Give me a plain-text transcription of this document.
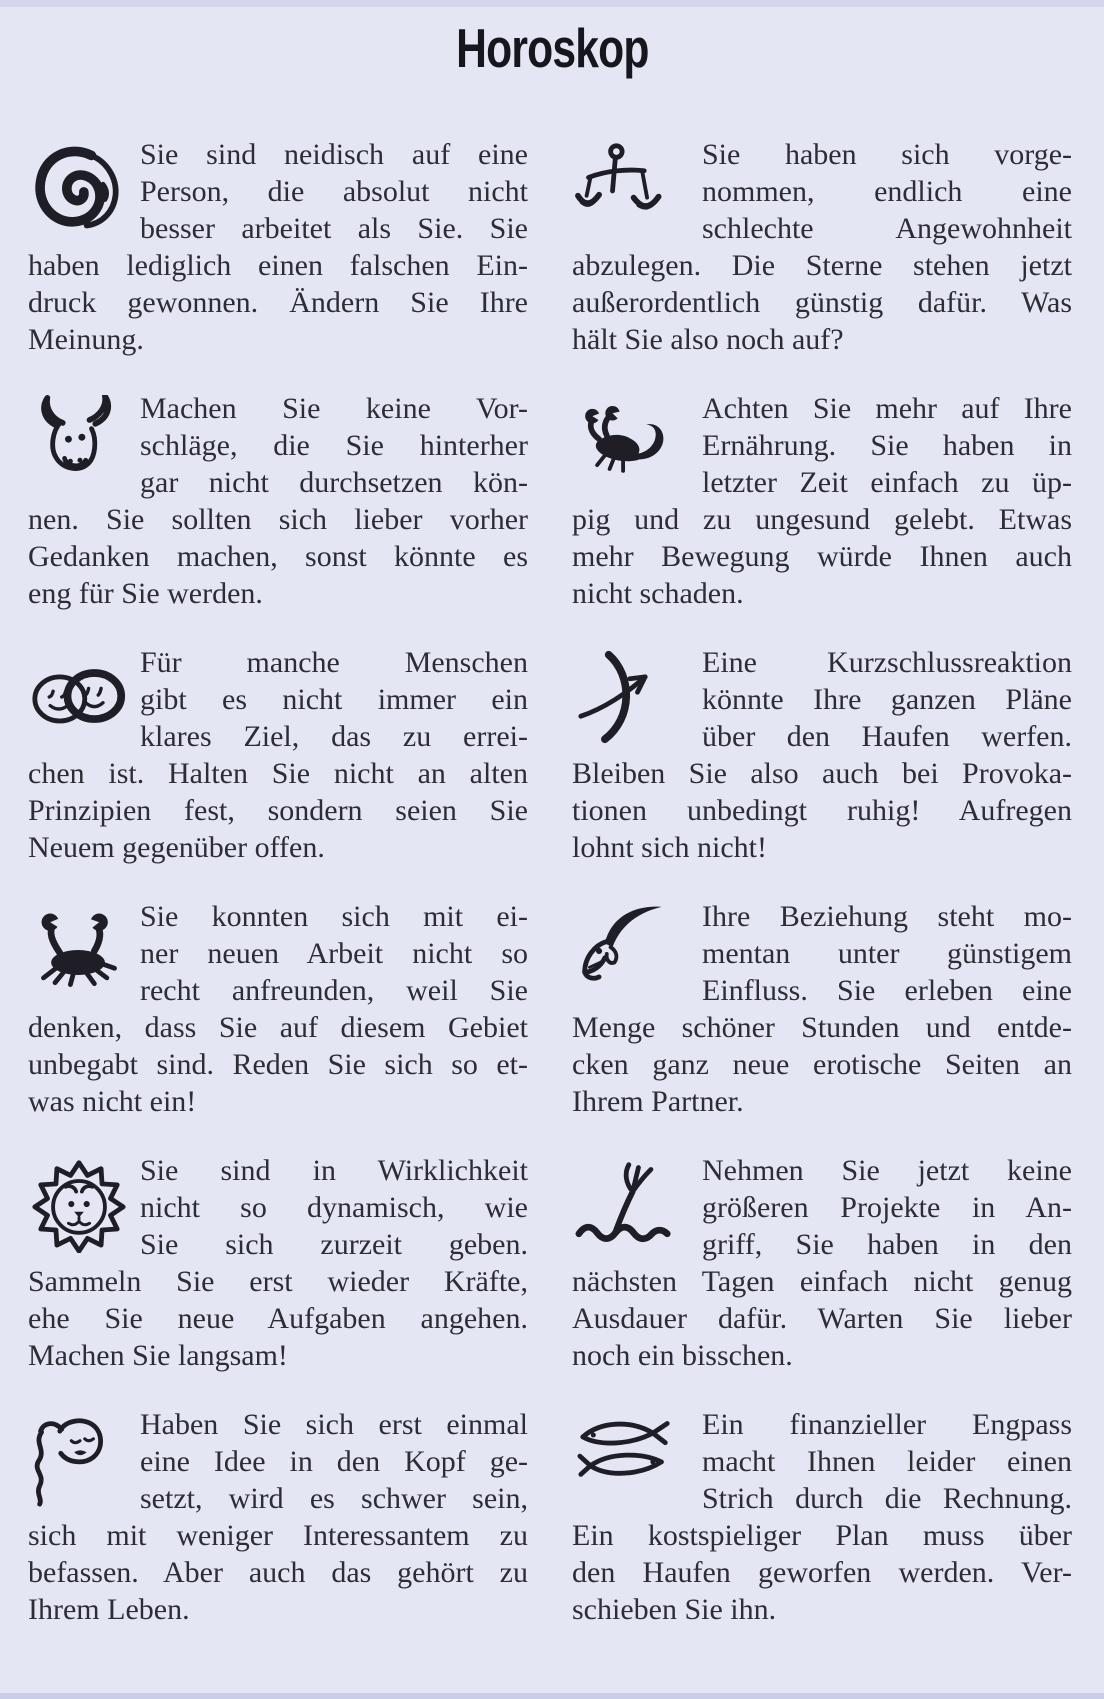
Horoskop
Sie sind neidisch auf eine
Person, die absolut nicht
besser arbeitet als Sie. Sie
haben lediglich einen falschen Ein-
druck gewonnen. Ändern Sie Ihre
Meinung.
Machen Sie keine Vor-
schläge, die Sie hinterher
gar nicht durchsetzen kön-
nen. Sie sollten sich lieber vorher
Gedanken machen, sonst könnte es
eng für Sie werden.
Für manche Menschen
gibt es nicht immer ein
klares Ziel, das zu errei-
chen ist. Halten Sie nicht an alten
Prinzipien fest, sondern seien Sie
Neuem gegenüber offen.
Sie konnten sich mit ei-
ner neuen Arbeit nicht so
recht anfreunden, weil Sie
denken, dass Sie auf diesem Gebiet
unbegabt sind. Reden Sie sich so et-
was nicht ein!
Sie sind in Wirklichkeit
nicht so dynamisch, wie
Sie sich zurzeit geben.
Sammeln Sie erst wieder Kräfte,
ehe Sie neue Aufgaben angehen.
Machen Sie langsam!
Haben Sie sich erst einmal
eine Idee in den Kopf ge-
setzt, wird es schwer sein,
sich mit weniger Interessantem zu
befassen. Aber auch das gehört zu
Ihrem Leben.
Sie haben sich vorge-
nommen, endlich eine
schlechte Angewohnheit
abzulegen. Die Sterne stehen jetzt
außerordentlich günstig dafür. Was
hält Sie also noch auf?
Achten Sie mehr auf Ihre
Ernährung. Sie haben in
letzter Zeit einfach zu üp-
pig und zu ungesund gelebt. Etwas
mehr Bewegung würde Ihnen auch
nicht schaden.
Eine Kurzschlussreaktion
könnte Ihre ganzen Pläne
über den Haufen werfen.
Bleiben Sie also auch bei Provoka-
tionen unbedingt ruhig! Aufregen
lohnt sich nicht!
Ihre Beziehung steht mo-
mentan unter günstigem
Einfluss. Sie erleben eine
Menge schöner Stunden und entde-
cken ganz neue erotische Seiten an
Ihrem Partner.
Nehmen Sie jetzt keine
größeren Projekte in An-
griff, Sie haben in den
nächsten Tagen einfach nicht genug
Ausdauer dafür. Warten Sie lieber
noch ein bisschen.
Ein finanzieller Engpass
macht Ihnen leider einen
Strich durch die Rechnung.
Ein kostspieliger Plan muss über
den Haufen geworfen werden. Ver-
schieben Sie ihn.
